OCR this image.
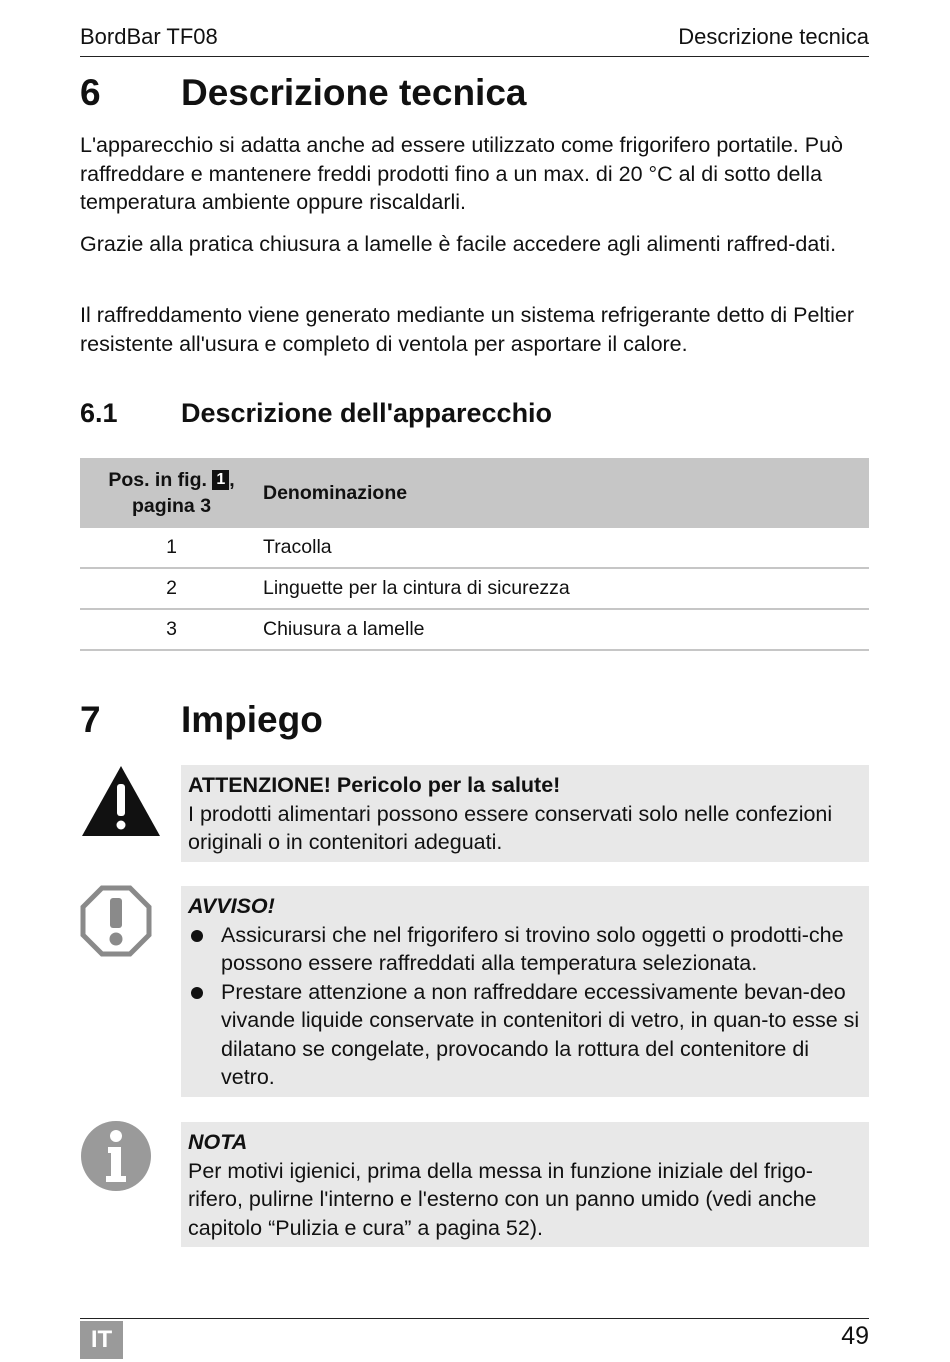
BordBar TF08	Descrizione tecnica
6	Descrizione tecnica

L'apparecchio si adatta anche ad essere utilizzato come frigorifero portatile. Può raffreddare e mantenere freddi prodotti fino a un max. di 20 °C al di sotto della temperatura ambiente oppure riscaldarli.

Grazie alla pratica chiusura a lamelle è facile accedere agli alimenti raffred-dati.

Il raffreddamento viene generato mediante un sistema refrigerante detto di Peltier resistente all'usura e completo di ventola per asportare il calore.

6.1	Descrizione dell'apparecchio
Pos. in fig. 1 ,
pagina 3	Denominazione
1	Tracolla
2	Linguette per la cintura di sicurezza
3	Chiusura a lamelle
7	Impiego
ATTENZIONE! Pericolo per la salute!
I prodotti alimentari possono essere conservati solo nelle confezioni originali o in contenitori adeguati.
AVVISO!
Assicurarsi che nel frigorifero si trovino solo oggetti o prodotti-che possono essere raffreddati alla temperatura selezionata.
Prestare attenzione a non raffreddare eccessivamente bevan-deo vivande liquide conservate in contenitori di vetro, in quan-to esse si dilatano se congelate, provocando la rottura del contenitore di vetro.
NOTA
Per motivi igienici, prima della messa in funzione iniziale del frigo-rifero, pulirne l'interno e l'esterno con un panno umido (vedi anche capitolo “Pulizia e cura” a pagina 52).
IT	49
